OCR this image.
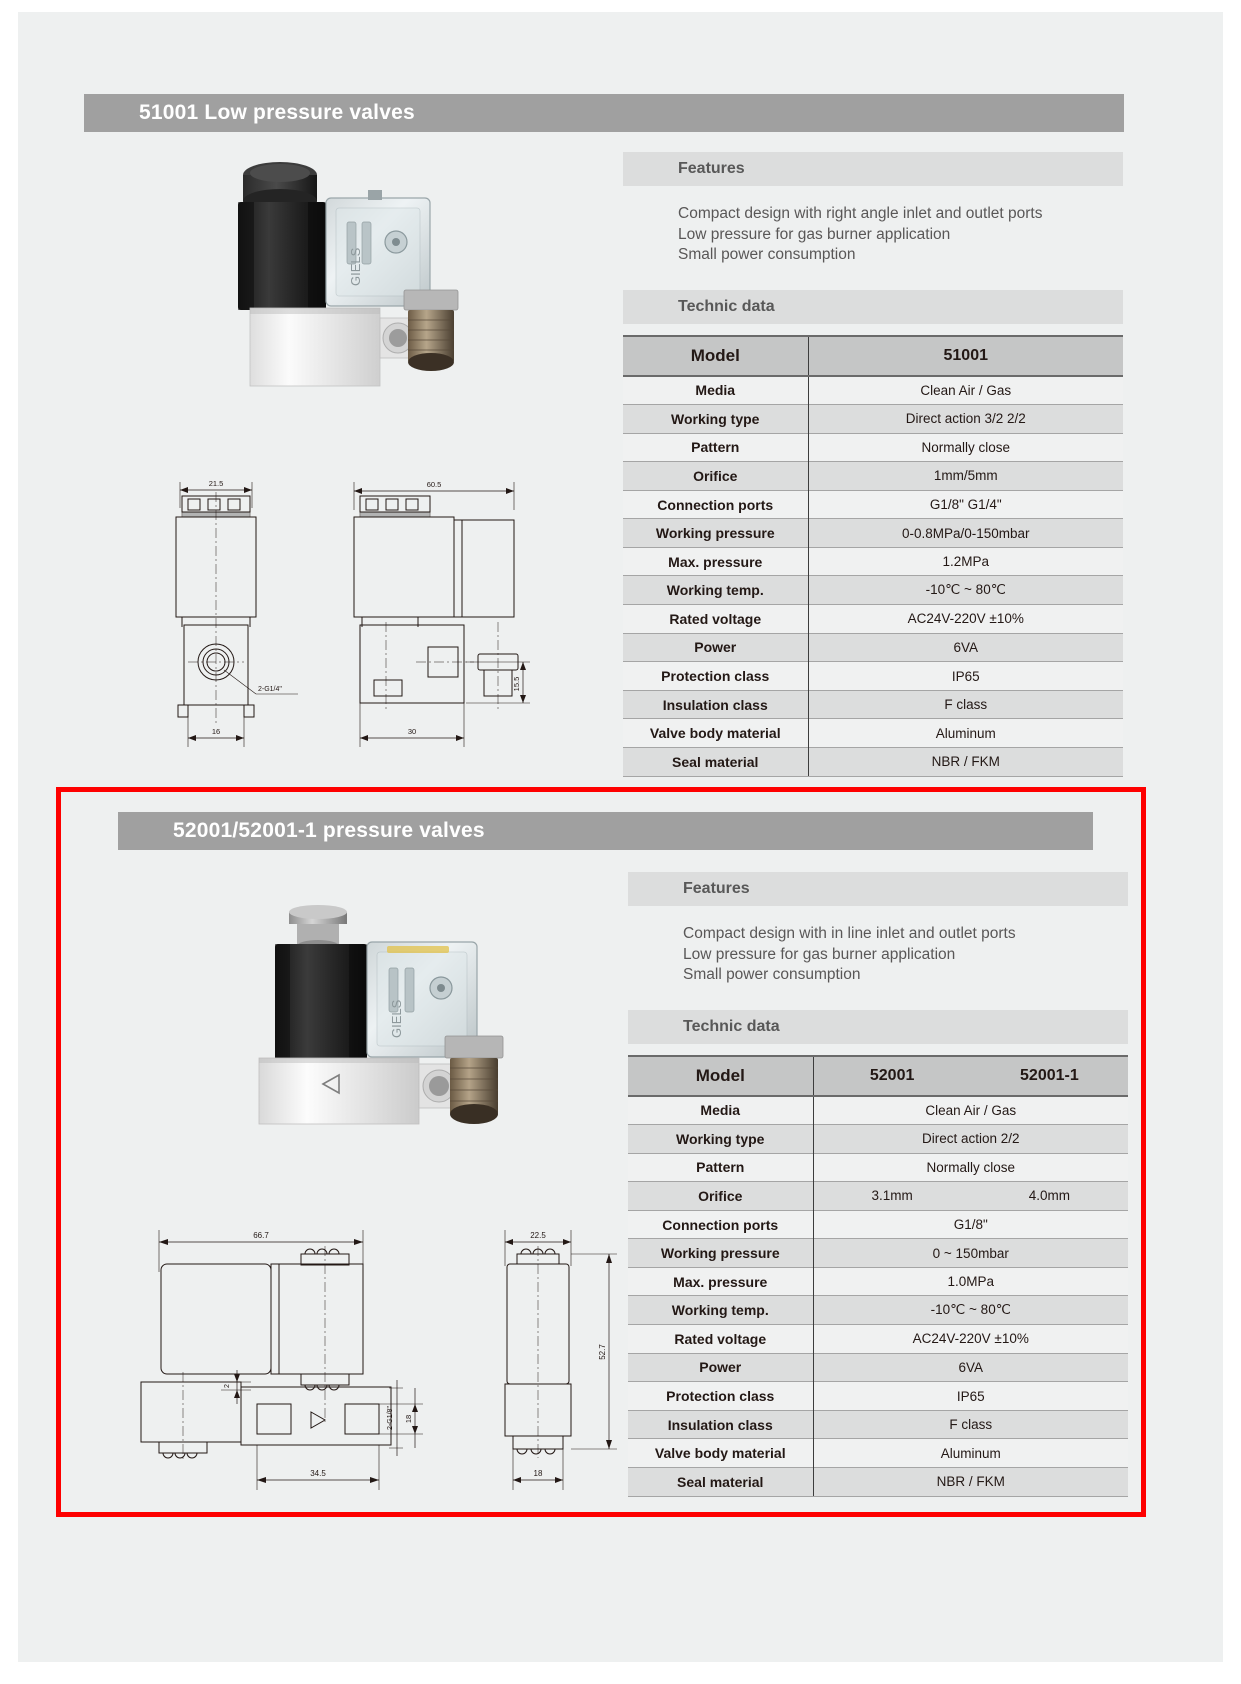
51001 Low pressure valves
GIELS
21.5
2-G1/4"
16
60.5
15.5
30
Features
Compact design with right angle inlet and outlet ports
Low pressure for gas burner application
Small power consumption
Technic data
Model	51001
Media	Clean Air / Gas
Working type	Direct action 3/2 2/2
Pattern	Normally close
Orifice	1mm/5mm
Connection ports	G1/8" G1/4"
Working pressure	0-0.8MPa/0-150mbar
Max. pressure	1.2MPa
Working temp.	-10℃ ~ 80℃
Rated voltage	AC24V-220V ±10%
Power	6VA
Protection class	IP65
Insulation class	F class
Valve body material	Aluminum
Seal material	NBR / FKM
52001/52001-1 pressure valves
GIELS
66.7
2
18
2-G1/8"
34.5
22.5
52.7
18
Features
Compact design with in line inlet and outlet ports
Low pressure for gas burner application
Small power consumption
Technic data
Model	52001 52001-1

Media	Clean Air / Gas
Working type	Direct action 2/2
Pattern	Normally close
Orifice	3.1mm 4.0mm

Connection ports	G1/8"
Working pressure	0 ~ 150mbar
Max. pressure	1.0MPa
Working temp.	-10℃ ~ 80℃
Rated voltage	AC24V-220V ±10%
Power	6VA
Protection class	IP65
Insulation class	F class
Valve body material	Aluminum
Seal material	NBR / FKM
